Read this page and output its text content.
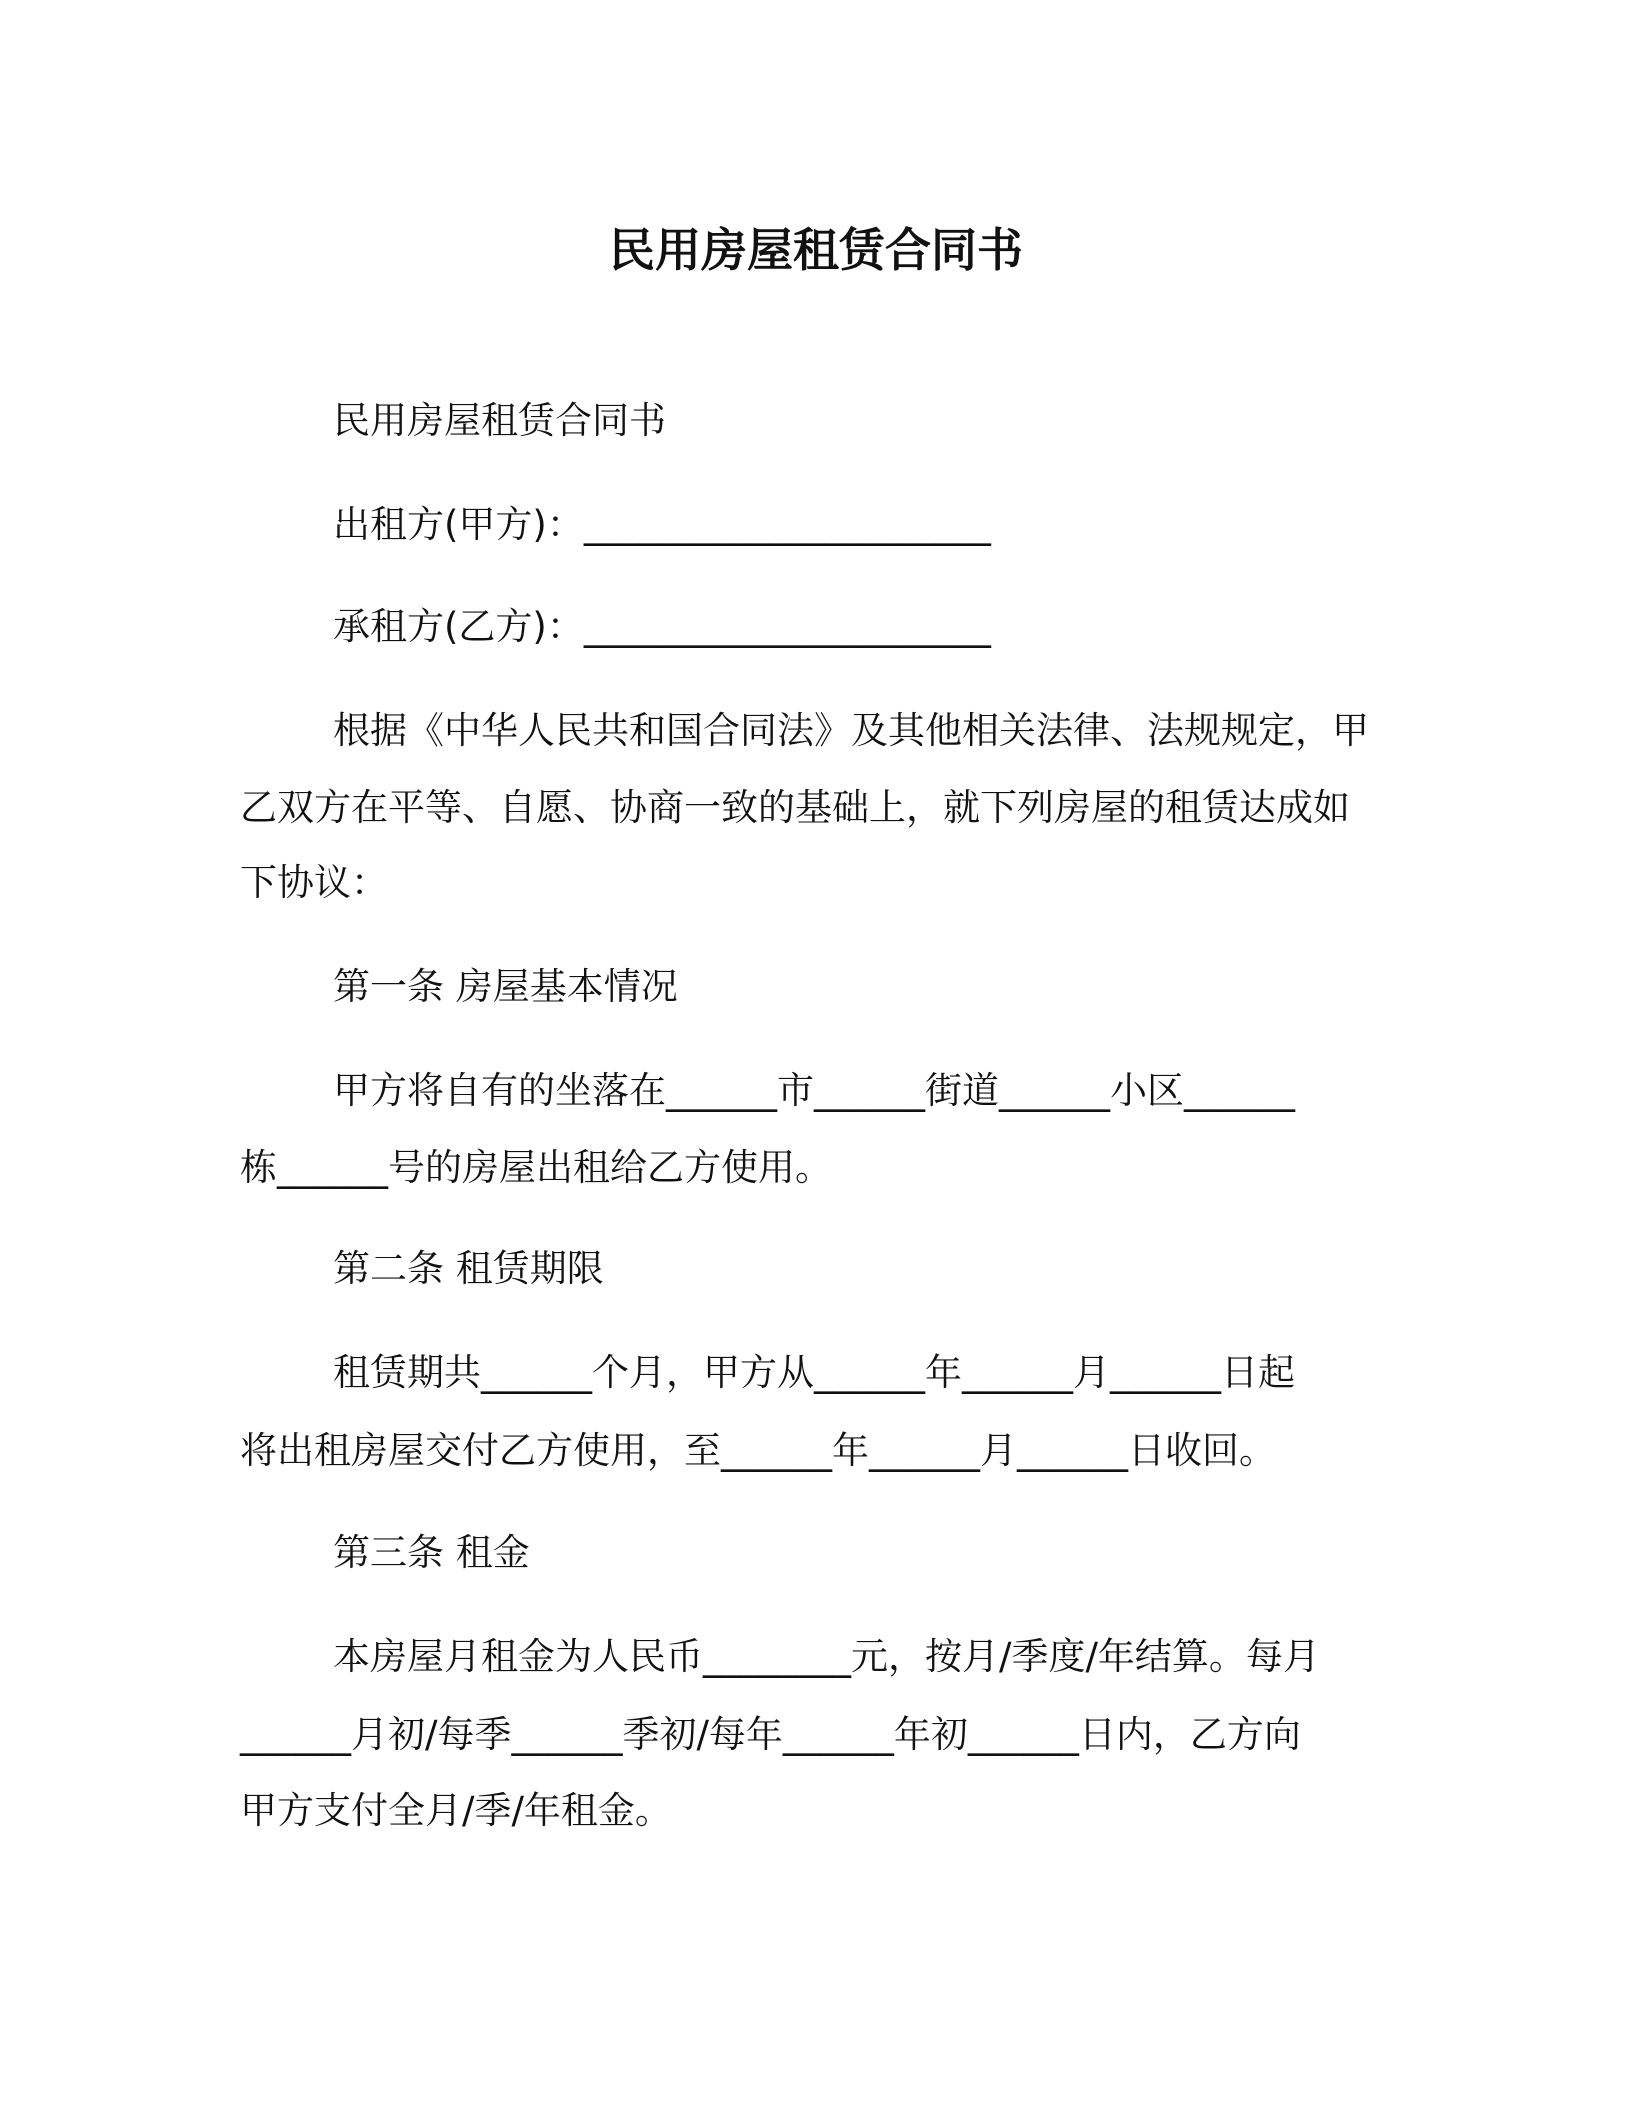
民用房屋租赁合同书
民用房屋租赁合同书
出租方(甲方)：______________________
承租方(乙方)：______________________
根据《中华人民共和国合同法》及其他相关法律、法规规定，甲
乙双方在平等、自愿、协商一致的基础上，就下列房屋的租赁达成如
下协议：
第一条 房屋基本情况
甲方将自有的坐落在______市______街道______小区______
栋______号的房屋出租给乙方使用。
第二条 租赁期限
租赁期共______个月，甲方从______年______月______日起
将出租房屋交付乙方使用，至______年______月______日收回。
第三条 租金
本房屋月租金为人民币________元，按月/季度/年结算。每月
______月初/每季______季初/每年______年初______日内，乙方向
甲方支付全月/季/年租金。
